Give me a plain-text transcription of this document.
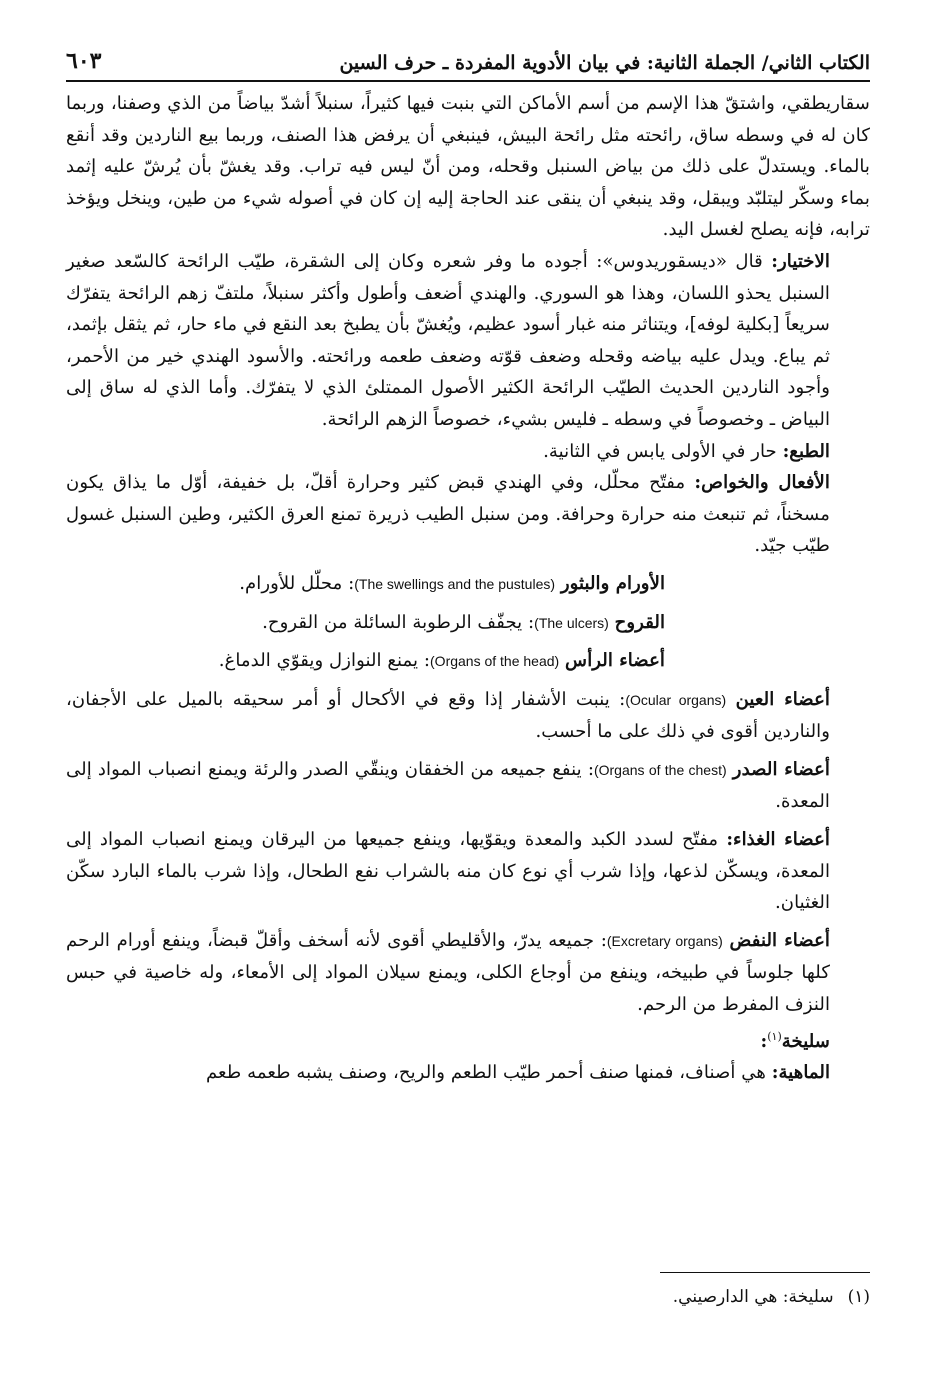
الكتاب الثاني/ الجملة الثانية: في بيان الأدوية المفردة ـ حرف السين
٦٠٣

سقاريطقي، واشتقّ هذا الإسم من أسم الأماكن التي بنبت فيها كثيراً، سنبلاً أشدّ بياضاً من الذي وصفنا، وربما كان له في وسطه ساق، رائحته مثل رائحة البيش، فينبغي أن يرفض هذا الصنف، وربما بيع الناردين وقد أنقع بالماء. ويستدلّ على ذلك من بياض السنبل وقحله، ومن أنّ ليس فيه تراب. وقد يغشّ بأن يُرشّ عليه إثمد بماء وسكّر ليتلبّد ويبقل، وقد ينبغي أن ينقى عند الحاجة إليه إن كان في أصوله شيء من طين، وينخل ويؤخذ ترابه، فإنه يصلح لغسل اليد.

الاختيار: قال «ديسقوريدوس»: أجوده ما وفر شعره وكان إلى الشقرة، طيّب الرائحة كالسّعد صغير السنبل يحذو اللسان، وهذا هو السوري. والهندي أضعف وأطول وأكثر سنبلاً، ملتفّ زهم الرائحة يتفرّك سريعاً [بكلية لوفه]، ويتناثر منه غبار أسود عظيم، ويُغشّ بأن يطبخ بعد النقع في ماء حار، ثم يثقل بإثمد، ثم يباع. ويدل عليه بياضه وقحله وضعف قوّته وضعف طعمه ورائحته. والأسود الهندي خير من الأحمر، وأجود الناردين الحديث الطيّب الرائحة الكثير الأصول الممتلئ الذي لا يتفرّك. وأما الذي له ساق إلى البياض ـ وخصوصاً في وسطه ـ فليس بشيء، خصوصاً الزهم الرائحة.

الطبع: حار في الأولى يابس في الثانية.

الأفعال والخواص: مفتّح محلّل، وفي الهندي قبض كثير وحرارة أقلّ، بل خفيفة، أوّل ما يذاق يكون مسخناً، ثم تنبعث منه حرارة وحرافة. ومن سنبل الطيب ذريرة تمنع العرق الكثير، وطين السنبل غسول طيّب جيّد.

الأورام والبثور (The swellings and the pustules): محلّل للأورام.

القروح (The ulcers): يجفّف الرطوبة السائلة من القروح.

أعضاء الرأس (Organs of the head): يمنع النوازل ويقوّي الدماغ.

أعضاء العين (Ocular organs): ينبت الأشفار إذا وقع في الأكحال أو أمر سحيقه بالميل على الأجفان، والناردين أقوى في ذلك على ما أحسب.

أعضاء الصدر (Organs of the chest): ينفع جميعه من الخفقان وينقّي الصدر والرئة ويمنع انصباب المواد إلى المعدة.

أعضاء الغذاء: مفتّح لسدد الكبد والمعدة ويقوّيها، وينفع جميعها من اليرقان ويمنع انصباب المواد إلى المعدة، ويسكّن لذعها، وإذا شرب أي نوع كان منه بالشراب نفع الطحال، وإذا شرب بالماء البارد سكّن الغثيان.

أعضاء النفض (Excretary organs): جميعه يدرّ، والأقليطي أقوى لأنه أسخف وأقلّ قبضاً، وينفع أورام الرحم كلها جلوساً في طبيخه، وينفع من أوجاع الكلى، ويمنع سيلان المواد إلى الأمعاء، وله خاصية في حبس النزف المفرط من الرحم.

سليخة$^{(١)}$:

الماهية: هي أصناف، فمنها صنف أحمر طيّب الطعم والريح، وصنف يشبه طعمه طعم

(١)سليخة: هي الدارصيني.
